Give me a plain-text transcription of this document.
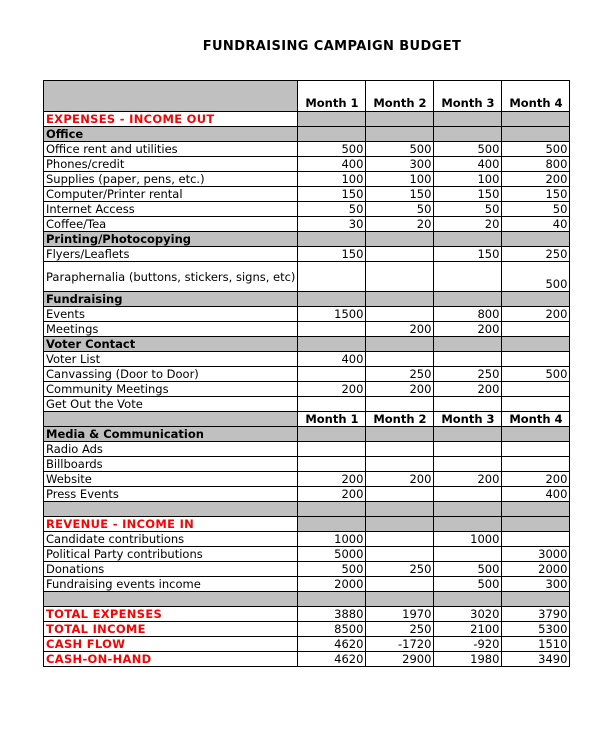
FUNDRAISING CAMPAIGN BUDGET
	Month 1	Month 2	Month 3	Month 4
EXPENSES - INCOME OUT				
Office				
Office rent and utilities	500	500	500	500
Phones/credit	400	300	400	800
Supplies (paper, pens, etc.)	100	100	100	200
Computer/Printer rental	150	150	150	150
Internet Access	50	50	50	50
Coffee/Tea	30	20	20	40
Printing/Photocopying				
Flyers/Leaflets	150		150	250
Paraphernalia (buttons, stickers, signs, etc)				500
Fundraising				
Events	1500		800	200
Meetings		200	200	
Voter Contact				
Voter List	400			
Canvassing (Door to Door)		250	250	500
Community Meetings	200	200	200	
Get Out the Vote				
	Month 1	Month 2	Month 3	Month 4
Media & Communication				
Radio Ads				
Billboards				
Website	200	200	200	200
Press Events	200			400

REVENUE - INCOME IN				
Candidate contributions	1000		1000	
Political Party contributions	5000			3000
Donations	500	250	500	2000
Fundraising events income	2000		500	300

TOTAL EXPENSES	3880	1970	3020	3790
TOTAL INCOME	8500	250	2100	5300
CASH FLOW	4620	-1720	-920	1510
CASH-ON-HAND	4620	2900	1980	3490
